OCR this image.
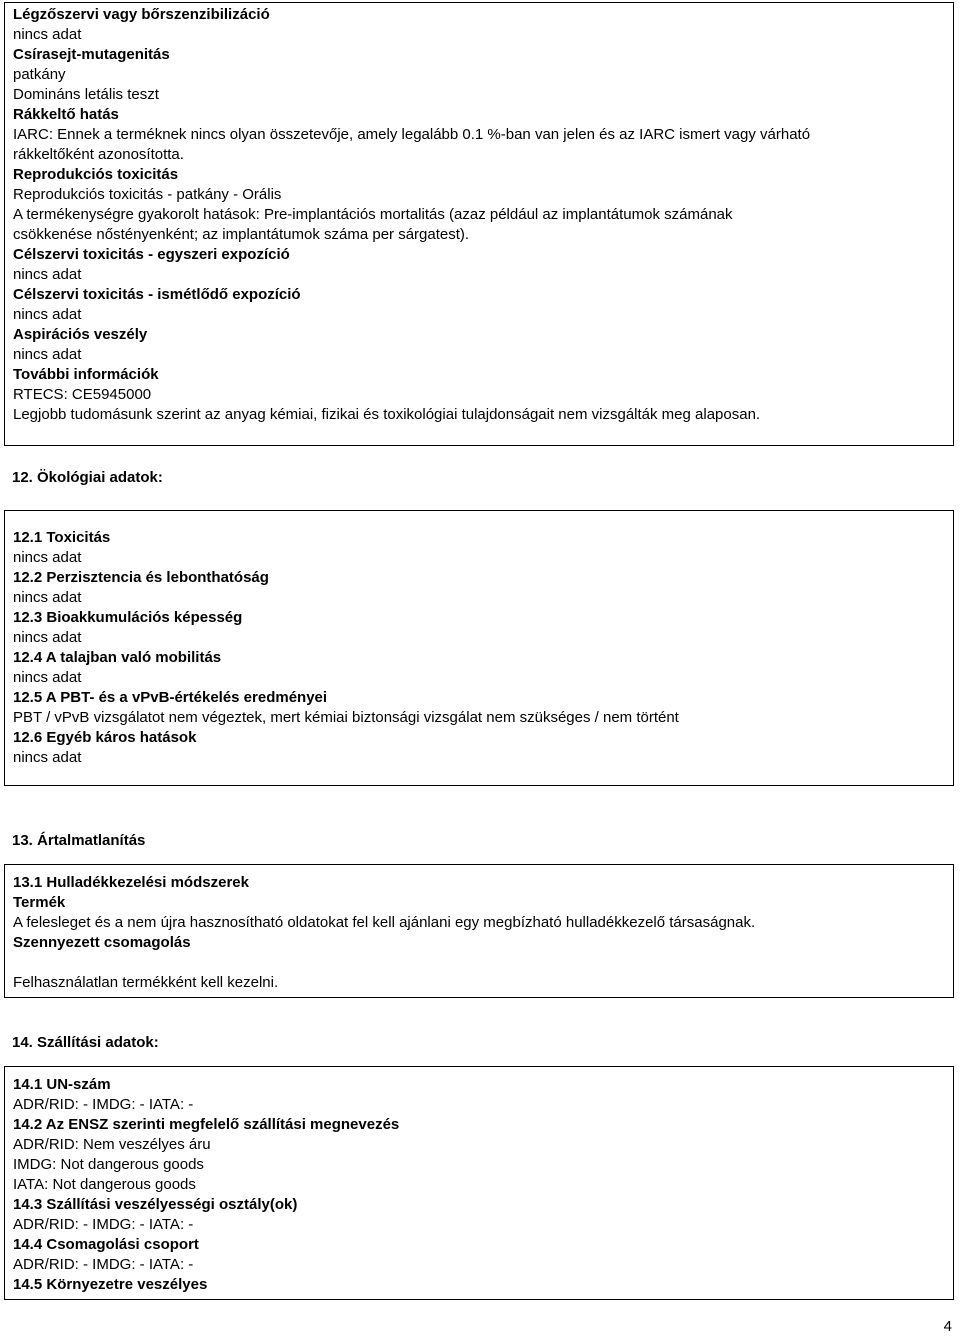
Légzőszervi vagy bőrszenzibilizáció
nincs adat
Csírasejt-mutagenitás
patkány
Domináns letális teszt
Rákkeltő hatás
IARC: Ennek a terméknek nincs olyan összetevője, amely legalább 0.1 %-ban van jelen és az IARC ismert vagy várható
rákkeltőként azonosította.
Reprodukciós toxicitás
Reprodukciós toxicitás - patkány - Orális
A termékenységre gyakorolt hatások: Pre-implantációs mortalitás (azaz például az implantátumok számának
csökkenése nőstényenként; az implantátumok száma per sárgatest).
Célszervi toxicitás - egyszeri expozíció
nincs adat
Célszervi toxicitás - ismétlődő expozíció
nincs adat
Aspirációs veszély
nincs adat
További információk
RTECS: CE5945000
Legjobb tudomásunk szerint az anyag kémiai, fizikai és toxikológiai tulajdonságait nem vizsgálták meg alaposan.
12. Ökológiai adatok:
12.1 Toxicitás
nincs adat
12.2 Perzisztencia és lebonthatóság
nincs adat
12.3 Bioakkumulációs képesség
nincs adat
12.4 A talajban való mobilitás
nincs adat
12.5 A PBT- és a vPvB-értékelés eredményei
PBT / vPvB vizsgálatot nem végeztek, mert kémiai biztonsági vizsgálat nem szükséges / nem történt
12.6 Egyéb káros hatások
nincs adat
13. Ártalmatlanítás
13.1 Hulladékkezelési módszerek
Termék
A felesleget és a nem újra hasznosítható oldatokat fel kell ajánlani egy megbízható hulladékkezelő társaságnak.
Szennyezett csomagolás
Felhasználatlan termékként kell kezelni.
14. Szállítási adatok:
14.1 UN-szám
ADR/RID: - IMDG: - IATA: -
14.2 Az ENSZ szerinti megfelelő szállítási megnevezés
ADR/RID: Nem veszélyes áru
IMDG: Not dangerous goods
IATA: Not dangerous goods
14.3 Szállítási veszélyességi osztály(ok)
ADR/RID: - IMDG: - IATA: -
14.4 Csomagolási csoport
ADR/RID: - IMDG: - IATA: -
14.5 Környezetre veszélyes
4
